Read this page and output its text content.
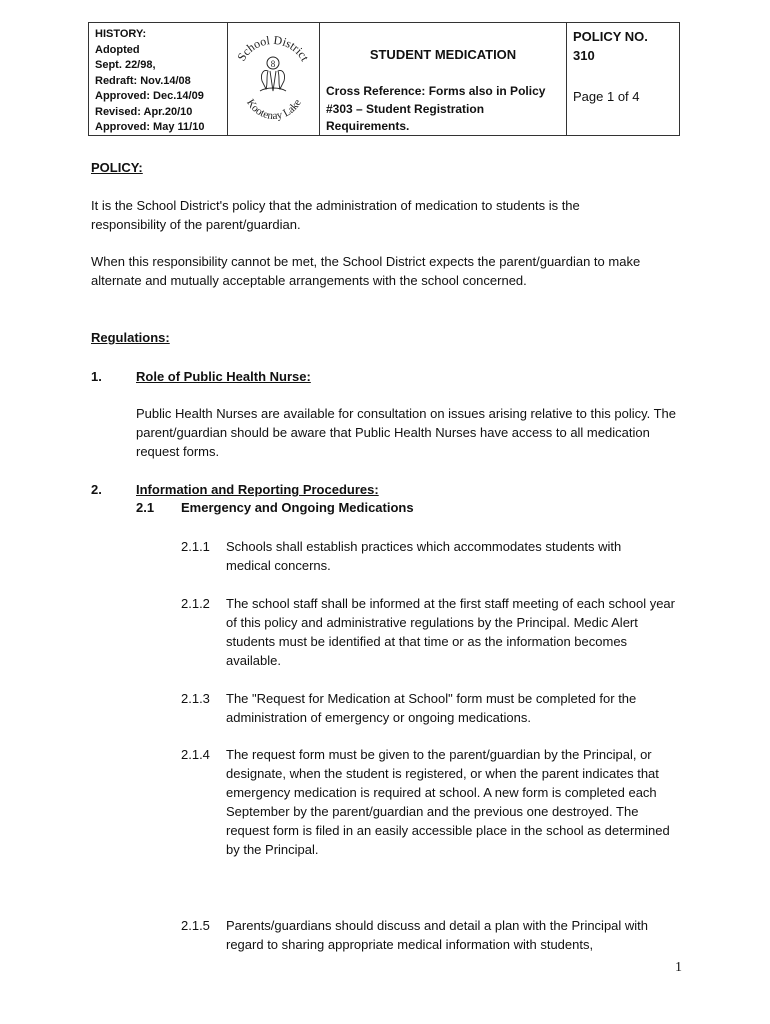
HISTORY:
Adopted
Sept. 22/98,
Redraft: Nov.14/08
Approved: Dec.14/09
Revised: Apr.20/10
Approved: May 11/10
School District
Kootenay Lake
8
STUDENT MEDICATION
Cross Reference: Forms also in Policy #303 – Student Registration Requirements.
POLICY NO.
310
Page 1 of 4
POLICY:
It is the School District's policy that the administration of medication to students is the responsibility of the parent/guardian.
When this responsibility cannot be met, the School District expects the parent/guardian to make alternate and mutually acceptable arrangements with the school concerned.
Regulations:
1.	Role of Public Health Nurse:
Public Health Nurses are available for consultation on issues arising relative to this policy. The parent/guardian should be aware that Public Health Nurses have access to all medication request forms.
2.	Information and Reporting Procedures:
2.1 Emergency and Ongoing Medications
2.1.1 Schools shall establish practices which accommodates students with medical concerns.
2.1.2 The school staff shall be informed at the first staff meeting of each school year of this policy and administrative regulations by the Principal. Medic Alert students must be identified at that time or as the information becomes available.
2.1.3 The "Request for Medication at School" form must be completed for the administration of emergency or ongoing medications.
2.1.4 The request form must be given to the parent/guardian by the Principal, or designate, when the student is registered, or when the parent indicates that emergency medication is required at school. A new form is completed each September by the parent/guardian and the previous one destroyed. The request form is filed in an easily accessible place in the school as determined by the Principal.
2.1.5 Parents/guardians should discuss and detail a plan with the Principal with regard to sharing appropriate medical information with students,
1
